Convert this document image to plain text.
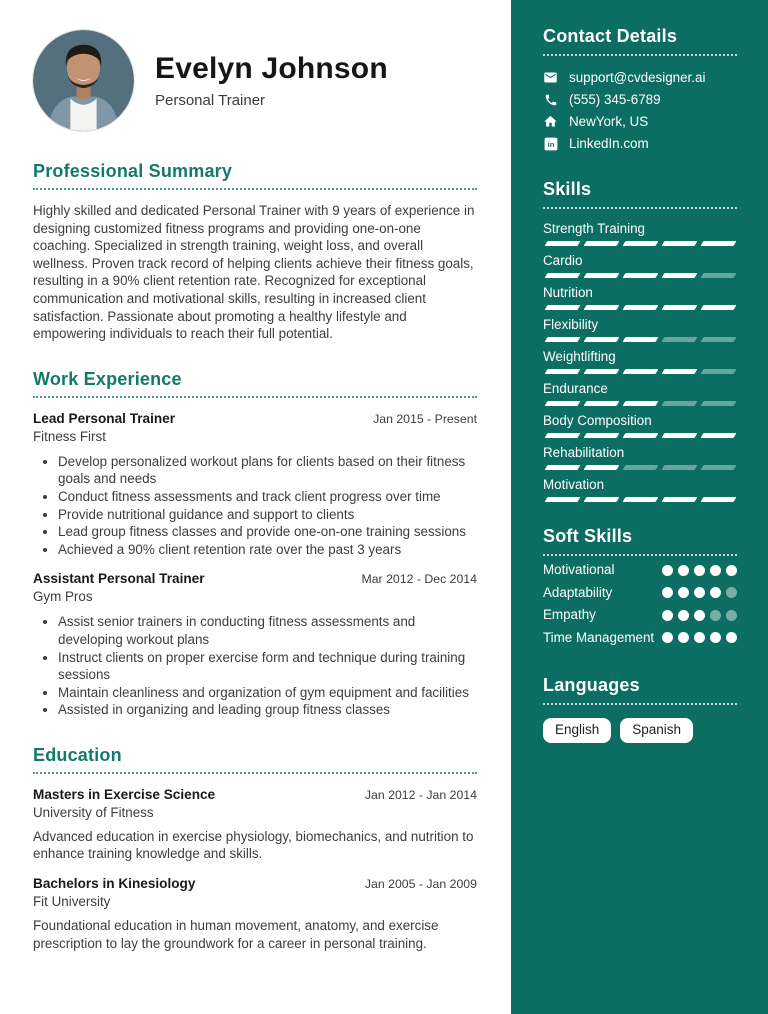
Evelyn Johnson
Personal Trainer
Professional Summary

Highly skilled and dedicated Personal Trainer with 9 years of experience in designing customized fitness programs and providing one-on-one coaching. Specialized in strength training, weight loss, and overall wellness. Proven track record of helping clients achieve their fitness goals, resulting in a 90% client retention rate. Recognized for exceptional communication and motivational skills, resulting in increased client satisfaction. Passionate about promoting a healthy lifestyle and empowering individuals to reach their full potential.

Work Experience
Lead Personal Trainer	Jan 2015 - Present
Fitness First
• Develop personalized workout plans for clients based on their fitness goals and needs
• Conduct fitness assessments and track client progress over time
• Provide nutritional guidance and support to clients
• Lead group fitness classes and provide one-on-one training sessions
• Achieved a 90% client retention rate over the past 3 years
Assistant Personal Trainer	Mar 2012 - Dec 2014
Gym Pros
• Assist senior trainers in conducting fitness assessments and developing workout plans
• Instruct clients on proper exercise form and technique during training sessions
• Maintain cleanliness and organization of gym equipment and facilities
• Assisted in organizing and leading group fitness classes
Education
Masters in Exercise Science	Jan 2012 - Jan 2014
University of Fitness

Advanced education in exercise physiology, biomechanics, and nutrition to enhance training knowledge and skills.

Bachelors in Kinesiology	Jan 2005 - Jan 2009
Fit University

Foundational education in human movement, anatomy, and exercise prescription to lay the groundwork for a career in personal training.

Contact Details
support@cvdesigner.ai
(555) 345-6789
NewYork, US
in LinkedIn.com
Skills
Strength Training
Cardio
Nutrition
Flexibility
Weightlifting
Endurance
Body Composition
Rehabilitation
Motivation
Soft Skills
Motivational
Adaptability
Empathy
Time Management
Languages
English	Spanish
